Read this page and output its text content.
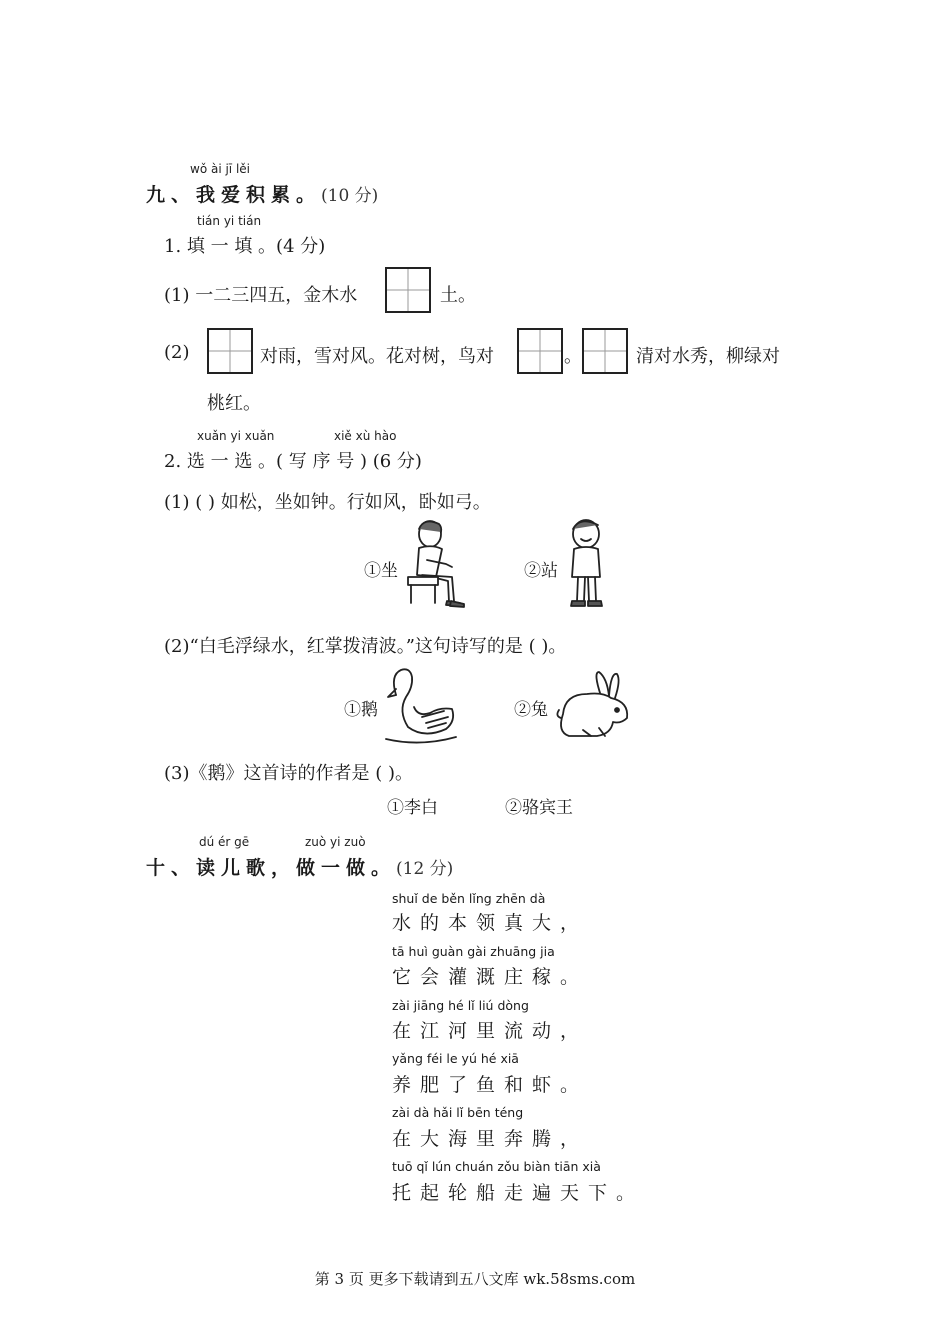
wǒ ài jī lěi
九、我爱积累。(10 分)
tián yi tián
1. 填 一 填 。(4 分)
(1) 一二三四五，金木水	土。
(2)	对雨，雪对风。花对树，鸟对	。	清对水秀，柳绿对
桃红。
xuǎn yi xuǎn	xiě xù hào
2. 选 一 选 。( 写 序 号 ) (6 分)
(1) ( ) 如松，坐如钟。行如风，卧如弓。
①坐	②站
(2)“白毛浮绿水，红掌拨清波。”这句诗写的是 ( )。
①鹅	②兔
(3)《鹅》这首诗的作者是 ( )。
①李白	②骆宾王
dú ér gē	zuò yi zuò
十、读儿歌，做一做。(12 分)
shuǐ de běn lǐng zhēn dà
水的本领真大，
tā huì guàn gài zhuāng jia
它会灌溉庄稼。
zài jiāng hé lǐ liú dòng
在江河里流动，
yǎng féi le yú hé xiā
养肥了鱼和虾。
zài dà hǎi lǐ bēn téng
在大海里奔腾，
tuō qǐ lún chuán zǒu biàn tiān xià
托起轮船走遍天下。
第 3 页 更多下载请到五八文库 wk.58sms.com
